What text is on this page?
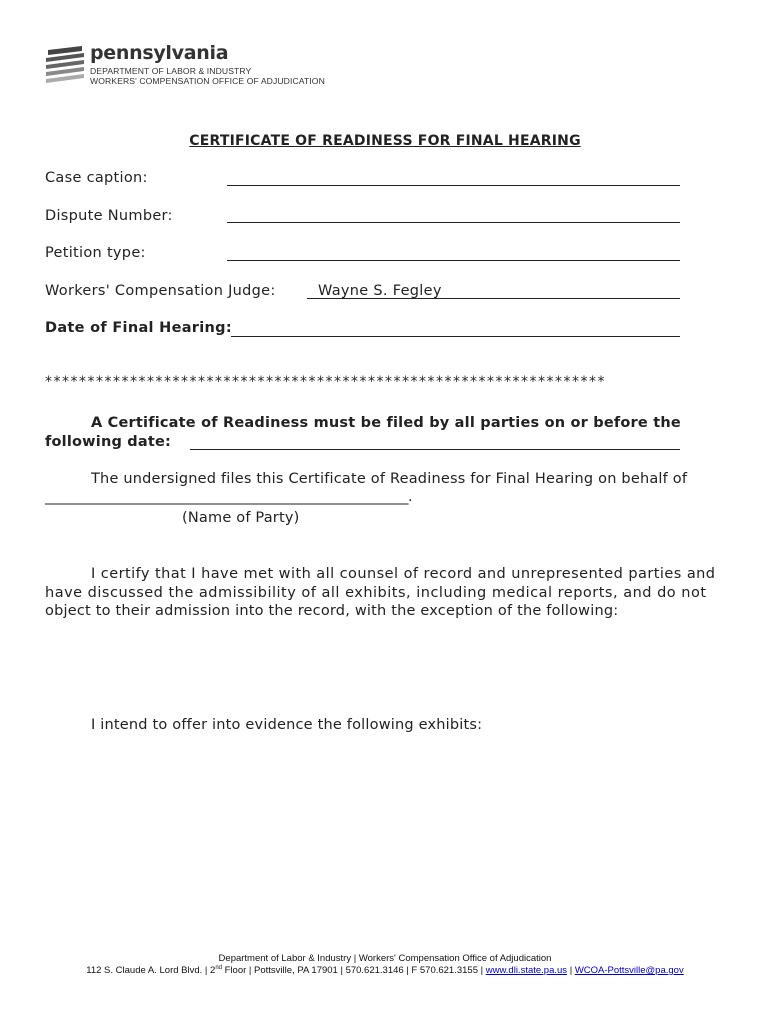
pennsylvania
DEPARTMENT OF LABOR & INDUSTRY
WORKERS' COMPENSATION OFFICE OF ADJUDICATION
CERTIFICATE OF READINESS FOR FINAL HEARING
Case caption:
Dispute Number:
Petition type:
Workers' Compensation Judge:	Wayne S. Fegley
Date of Final Hearing:
******************************************************************
A Certificate of Readiness must be filed by all parties on or before the
following date:
The undersigned files this Certificate of Readiness for Final Hearing on behalf of
_____________________________________________________.
(Name of Party)
I certify that I have met with all counsel of record and unrepresented parties and
have discussed the admissibility of all exhibits, including medical reports, and do not
object to their admission into the record, with the exception of the following:
I intend to offer into evidence the following exhibits:
Department of Labor & Industry | Workers' Compensation Office of Adjudication
112 S. Claude A. Lord Blvd. | 2nd Floor | Pottsville, PA 17901 | 570.621.3146 | F 570.621.3155 | www.dli.state.pa.us | WCOA-Pottsville@pa.gov
